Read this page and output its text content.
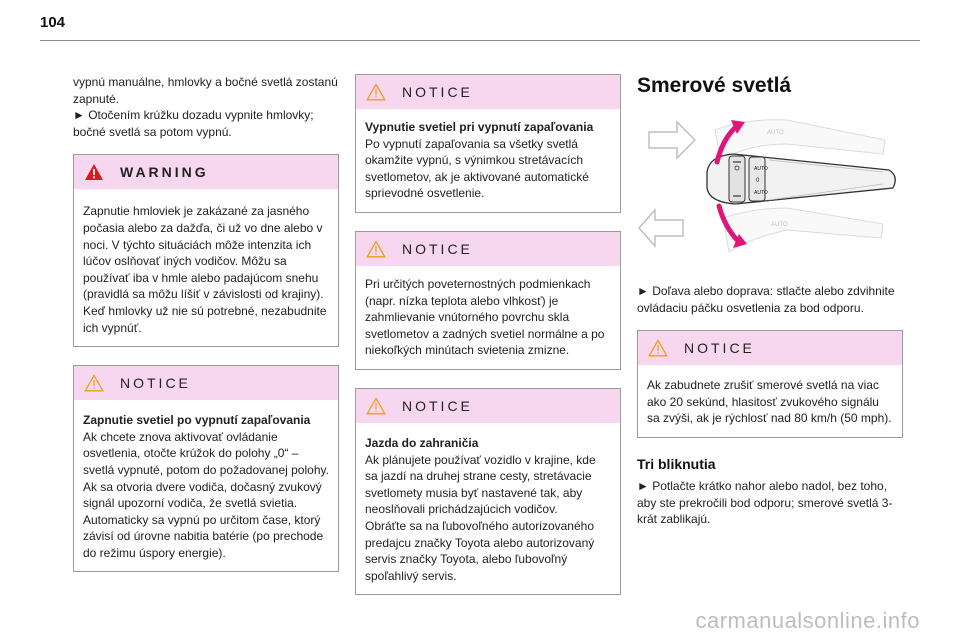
104

vypnú manuálne, hmlovky a bočné svetlá zostanú zapnuté.
► Otočením krúžku dozadu vypnite hmlovky; bočné svetlá sa potom vypnú.

WARNING

Zapnutie hmloviek je zakázané za jasného počasia alebo za dažďa, či už vo dne alebo v noci. V týchto situáciách môže intenzita ich lúčov oslňovať iných vodičov. Môžu sa používať iba v hmle alebo padajúcom snehu (pravidlá sa môžu líšiť v závislosti od krajiny). Keď hmlovky už nie sú potrebné, nezabudnite ich vypnúť.

NOTICE

Zapnutie svetiel po vypnutí zapaľovania

Ak chcete znova aktivovať ovládanie osvetlenia, otočte krúžok do polohy „0“ – svetlá vypnuté, potom do požadovanej polohy.

Ak sa otvoria dvere vodiča, dočasný zvukový signál upozorní vodiča, že svetlá svietia. Automaticky sa vypnú po určitom čase, ktorý závisí od úrovne nabitia batérie (po prechode do režimu úspory energie).

NOTICE

Vypnutie svetiel pri vypnutí zapaľovania

Po vypnutí zapaľovania sa všetky svetlá okamžite vypnú, s výnimkou stretávacích svetlometov, ak je aktivované automatické sprievodné osvetlenie.

NOTICE

Pri určitých poveternostných podmienkach (napr. nízka teplota alebo vlhkosť) je zahmlievanie vnútorného povrchu skla svetlometov a zadných svetiel normálne a po niekoľkých minútach svietenia zmizne.

NOTICE

Jazda do zahraničia

Ak plánujete používať vozidlo v krajine, kde sa jazdí na druhej strane cesty, stretávacie svetlomety musia byť nastavené tak, aby neoslňovali prichádzajúcich vodičov.

Obráťte sa na ľubovoľného autorizovaného predajcu značky Toyota alebo autorizovaný servis značky Toyota, alebo ľubovoľný spoľahlivý servis.

Smerové svetlá
AUTO
AUTO
AUTO
0
AUTO

► Doľava alebo doprava: stlačte alebo zdvihnite ovládaciu páčku osvetlenia za bod odporu.

NOTICE

Ak zabudnete zrušiť smerové svetlá na viac ako 20 sekúnd, hlasitosť zvukového signálu sa zvýši, ak je rýchlosť nad 80 km/h (50 mph).

Tri bliknutia

► Potlačte krátko nahor alebo nadol, bez toho, aby ste prekročili bod odporu; smerové svetlá 3-krát zablikajú.

carmanualsonline.info
